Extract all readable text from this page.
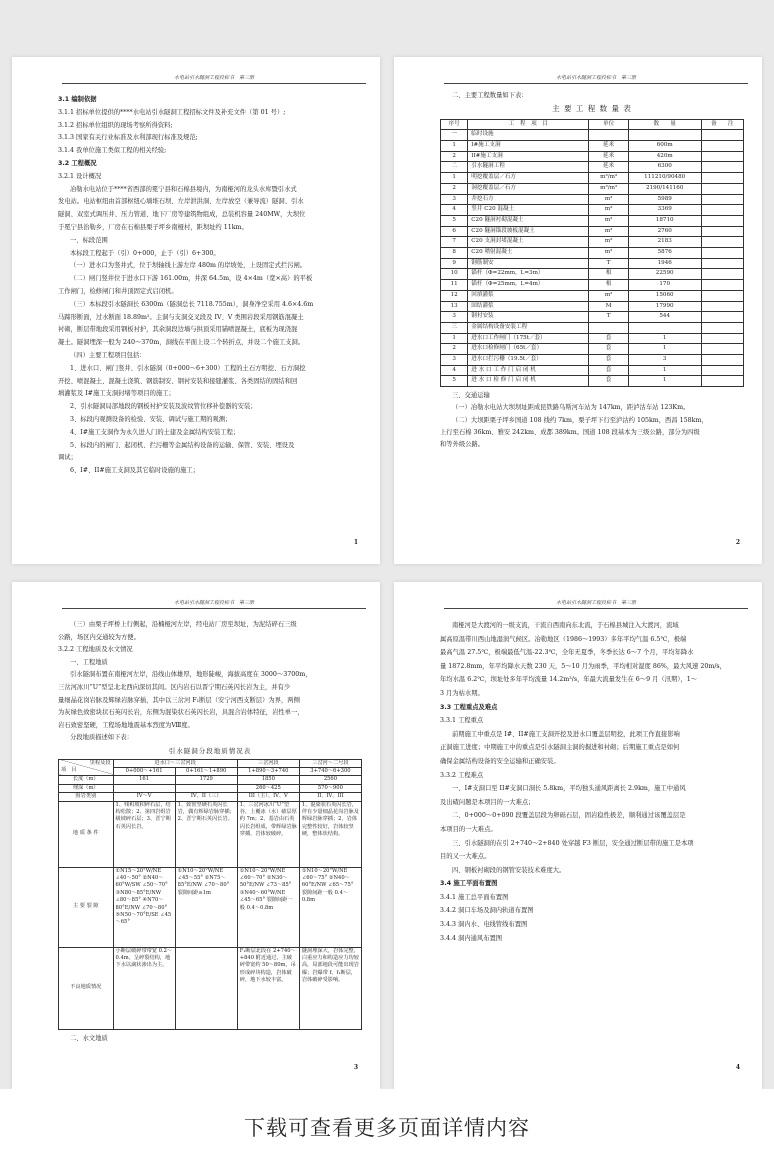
水电站引水隧洞工程投标书　第三册
3.1 编制依据
3.1.1 招标单位提供的****水电站引水隧洞工程招标文件及补充文件（第 01 号）;
3.1.2 招标单位组织的现场考察所得资料;
3.1.3 国家有关行业标准及水利部现行标准及规范;
3.1.4 我单位施工类似工程的相关经验;
3.2 工程概况
3.2.1 设计概况
冶勒水电站位于****省西部的冕宁县和石棉县境内，为南桠河的龙头水库暨引水式
发电站。电站枢纽由首部枢纽心墙堆石坝、左岸泄洪洞、左岸放空（兼导流）隧洞、引水
隧洞、双室式调压井、压力管道、地下厂房等建筑物组成，总装机容量 240MW，大坝位
于冕宁县治勒乡，厂房在石棉县栗子坪乡南桠村，距坝址约 11km。
一、标段范围
本标段工程起于（引）0+000，止于（引）6+300。
（一）进水口为竖井式，位于坝轴线上游左岸 480m 的岸坡处，上设固定式拦污闸。
（二）闸门竖井位于进水口下游 161.00m，井深 64.5m，设 4×4m（宽×高）的平板
工作闸门，检修闸门和井顶固定式启闭机。
（三）本标段引水隧洞长 6300m（隧洞总长 7118.755m），洞身净空采用 4.6×4.6m
马蹄形断面，过水断面 18.89m²。主洞与支洞交叉段及 IV、V 类围岩段采用钢筋混凝土
衬砌，断层带地段采用钢板衬护，其余洞段边墙与拱顶采用锚喷混凝土，底板为现浇混
凝土。隧洞埋深一般为 240～370m，洞线在平面上设二个转折点，并设二个施工支洞。
（四）主要工程项目包括：
1、进水口、闸门竖井、引水隧洞（0+000～6+300）工程的土石方明挖、石方洞挖
开挖、喷混凝土、混凝土浇筑、钢筋制安、钢衬安装和接缝灌浆、各类固结的固结和回
填灌浆及 I#施工支洞封堵等项目的施工；
2、引水隧洞局部地段的钢板衬护安装及波纹管位移补偿器的安装；
3、标段内观测设备的检验、安装、调试与施工期的观测；
4、I#施工支洞作为永久进人门的土建及金属结构安装工程；
5、标段内的闸门、起闭机、拦污栅等金属结构设备的运输、保管、安装、埋设及
调试；
6、I#、II#施工支洞及其它临时设施的施工；
1
水电站引水隧洞工程投标书　第三册
二、主要工程数量如下表：
主 要 工 程 数 量 表
序号	工　程　项　目	单位	数　　量	备　　注
一	临时设施			
1	I#施工支洞	延米	600m	
2	II#施工支洞	延米	420m	
二	引水隧洞工程	延米	6300	
1	明挖覆盖层／石方	m³/m³	111210/90480	
2	洞挖覆盖层／石方	m³/m³	2190/141160	
3	井挖石方	m³	5989	
4	竖井 C20 混凝土	m³	3369	
5	C20 隧洞衬砌混凝土	m³	18710	
6	C20 隧洞锚段坡板混凝土	m³	2760	
7	C20 支洞封堵混凝土	m³	2183	
8	C20 喷射混凝土	m³	5876	
9	钢筋制安	T	1946	
10	锚杆（Φ=22mm，L=3m）	根	22590	
11	锚杆（Φ=25mm，L=4m）	根	170	
12	回填灌浆	m²	15060	
13	固结灌浆	M	17990	
3	钢衬安装	T	544	
三	金属结构设备安装工程			
1	进水口工作闸门（175t／套）	套	1	
2	进水口检修闸门（65t／套）	套	1	
3	进水口拦污栅（19.5t／套）	套	3	
4	进 水 口 工 作 门 启 闭 机	套	1	
5	进 水 口 检 修 门 启 闭 机	套	1	
三、交通运输
（一）冶勒水电站大坝坝址距成昆铁路乌斯河车站为 147km，距泸沽车站 123Km。
（二）大坝距栗子坪乡国道 108 线约 7km，栗子坪下行至泸沽约 105km，西昌 158km，
上行至石棉 36km、雅安 242km、成都 389km。国道 108 段基本为三级公路，部分为四级
和等外级公路。
2
水电站引水隧洞工程投标书　第三册
（三）由栗子坪桥上行侧起，沿楠桠河左岸，经电站厂房至坝址，为泥结碎石三级
公路，场区内交通较为方便。
3.2.2 工程地质及水文情况
一、工程地质
引水隧洞布置在南桠河左岸，沿线山体雄厚，地形陡峻，海拔高度在 3000～3700m，
三岔河冰川“U”型呈北北西向深切其间。区内岩石以晋宁期石英闪长岩为主，并有少
量细晶花岗岩脉及辉绿岩脉穿插，其中以三岔河 F₁断层（安宁河西支断层）为界，两侧
为灰绿色致密块状石英闪长岩，东侧为混染状石英闪长岩，具混合岩体特征，岩性单一，
岩石致密坚硬，工程场地地震基本烈度为Ⅷ度。
分段地质描述如下表：
引水隧洞分段地质情况表
里程及段
项　目	进水口～三岔河段		三岔河段	三岔河～二号段
	0+000～+161	0+161～1+890	1+890～3+740	3+740～6+300
长度（m）	161	1729	1850	2560
埋深（m）			260～425	570～900
围岩类别	IV～V	IV、II（三）	III（主）、IV、V	II、IV、III
地 质 条 件	1、残积坡积碎石层，结构松散；2、第四岩组岩级坡碎石层；3、晋宁期石英闪长岩。	1、致密坚硬石英闪长岩，偶有辉绿岩脉穿插；2、晋宁期石英闪长岩。	1、三岔河冰川“U”型谷，上覆冰（水）碛层厚约 7m；2、基岩由石英闪长岩组成，带辉绿岩脉穿插，岩体较破碎。	1、混染状石英闪长岩，伴有少量细晶花岗岩脉及辉绿岩脉穿插；2、岩体完整性较好，岩体较坚硬，整体状结构。
主 要 裂 隙	①N15～20°W/NE ∠40～50° ②N40～60°W/SW ∠50～70° ③N80～85°E/NW ∠80～85° ④N70～80°E/NW ∠70～80° ⑤N50～70°E/SE ∠45～65°	①N10～20°W/NE ∠45～55° ②N75～85°E/NW ∠70～80° 裂隙间距≥1m	①N10～20°W/NE ∠60～70° ②N30～50°E/NW ∠73～85° ③N40～60°W/NE ∠45～65° 裂隙间距一般 0.4～0.8m	①N10～20°W/NE ∠60～75° ②N40～60°E/NW ∠65～75° 裂隙间距一般 0.4～0.8m
不良地质情况	小断层破碎带带宽 0.2～0.4m，呈碎裂结构，地下水以滴状渗出为主。		F₁断层北段在 2+740～+840 附近通过，主破碎带宽约 50～80m，吊形成碎块构造，岩体破碎，地下水较丰富。	隧洞埋深大，岩体完整，白重应力和构造应力均较高，局部地段可能出现岩爆；岩爆带 f、f₁断层，岩体破碎受影响。
二、水文地质
3
水电站引水隧洞工程投标书　第三册
南桠河是大渡河的一级支流，干流自西南向东北流，于石棉县城注入大渡河，流域
属高原温带川西山地湿润气候区。冶勒地区（1986～1993）多年平均气温 6.5℃，极端
最高气温 27.5℃，极端最低气温-22.3℃，全年无夏季，冬季长达 6～7 个月，平均年降水
量 1872.8mm，年平均降水天数 230 天，5～10 月为雨季，平均相对湿度 86%，最大风速 20m/s，
年均水温 6.2℃，坝址处多年平均流量 14.2m³/s，年最大流量发生在 6～9 月（汛期），1～
3 月为枯水期。
3.3 工程重点及难点
3.3.1 工程重点
前期施工中重点是 I#、II#施工支洞开挖及进水口覆盖层明挖，此项工作直接影响
正洞施工进度；中期施工中的重点是引水隧洞主洞的掘进和衬砌；后期施工重点是如何
确保金属结构设备的安全运输和正确安装。
3.3.2 工程难点
一、I#支洞口至 II#支洞口洞长 5.8km，平均独头通风距离长 2.9km，施工中通风
及出碴问题是本项目的一大难点；
二、0+000～0+090 段覆盖层段为卵砾石层，固岩稳性极差，顺利通过该覆盖层是
本项目的一大难点。
三、引水隧洞的在引 2+740～2+840 处穿越 F3 断层，安全通过断层带的施工是本项
目的又一大难点。
四、钢板衬砌段的钢管安装技术难度大。
3.4 施工平面布置图
3.4.1 施工总平面布置图
3.4.2 洞口车场及洞内轨道布置图
3.4.3 洞内水、电线管线布置图
3.4.4 洞内通风布置图
4
下载可查看更多页面详情内容
